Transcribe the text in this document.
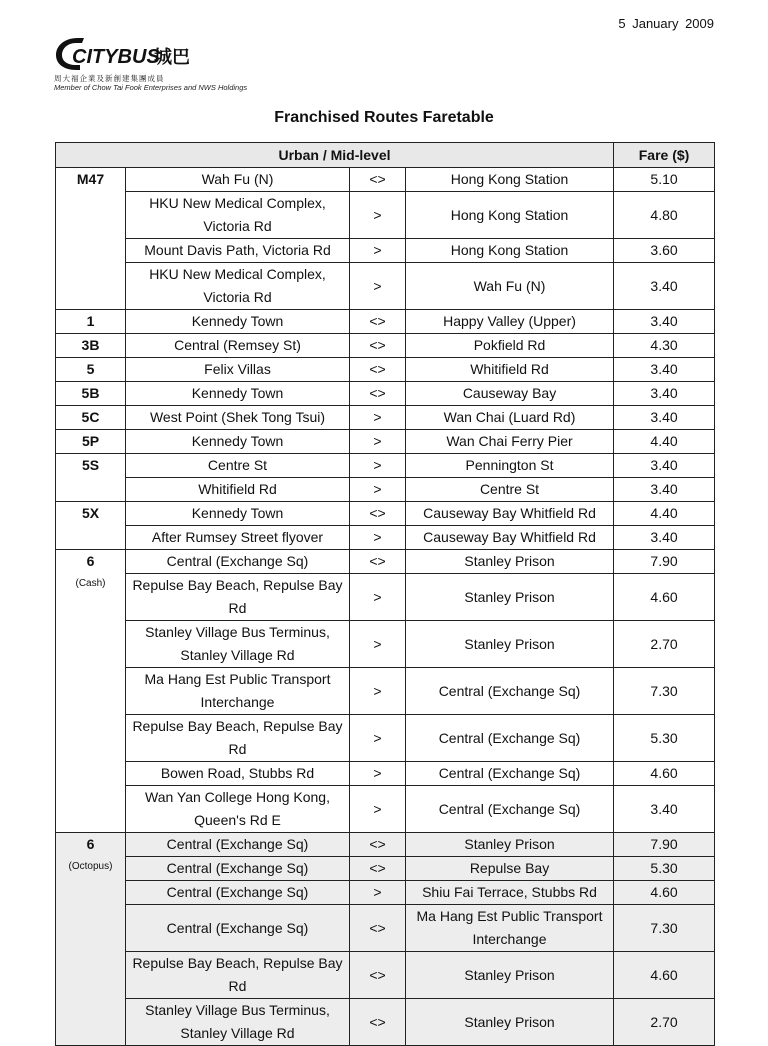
5 January 2009
CITYBUS
城巴
周大福企業及新創建集團成員
Member of Chow Tai Fook Enterprises and NWS Holdings
Franchised Routes Faretable
Urban / Mid-level				Fare ($)
M47	Wah Fu (N)	<>	Hong Kong Station	5.10
	HKU New Medical Complex, Victoria Rd	>	Hong Kong Station	4.80
	Mount Davis Path, Victoria Rd	>	Hong Kong Station	3.60
	HKU New Medical Complex, Victoria Rd	>	Wah Fu (N)	3.40
1	Kennedy Town	<>	Happy Valley (Upper)	3.40
3B	Central (Remsey St)	<>	Pokfield Rd	4.30
5	Felix Villas	<>	Whitifield Rd	3.40
5B	Kennedy Town	<>	Causeway Bay	3.40
5C	West Point (Shek Tong Tsui)	>	Wan Chai (Luard Rd)	3.40
5P	Kennedy Town	>	Wan Chai Ferry Pier	4.40
5S	Centre St	>	Pennington St	3.40
	Whitifield Rd	>	Centre St	3.40
5X	Kennedy Town	<>	Causeway Bay Whitfield Rd	4.40
	After Rumsey Street flyover	>	Causeway Bay Whitfield Rd	3.40
6
(Cash)	Central (Exchange Sq)	<>	Stanley Prison	7.90
	Repulse Bay Beach, Repulse Bay Rd	>	Stanley Prison	4.60
	Stanley Village Bus Terminus, Stanley Village Rd	>	Stanley Prison	2.70
	Ma Hang Est Public Transport Interchange	>	Central (Exchange Sq)	7.30
	Repulse Bay Beach, Repulse Bay Rd	>	Central (Exchange Sq)	5.30
	Bowen Road, Stubbs Rd	>	Central (Exchange Sq)	4.60
	Wan Yan College Hong Kong, Queen's Rd E	>	Central (Exchange Sq)	3.40
6
(Octopus)	Central (Exchange Sq)	<>	Stanley Prison	7.90
	Central (Exchange Sq)	<>	Repulse Bay	5.30
	Central (Exchange Sq)	>	Shiu Fai Terrace, Stubbs Rd	4.60
	Central (Exchange Sq)	<>	Ma Hang Est Public Transport Interchange	7.30
	Repulse Bay Beach, Repulse Bay Rd	<>	Stanley Prison	4.60
	Stanley Village Bus Terminus, Stanley Village Rd	<>	Stanley Prison	2.70
